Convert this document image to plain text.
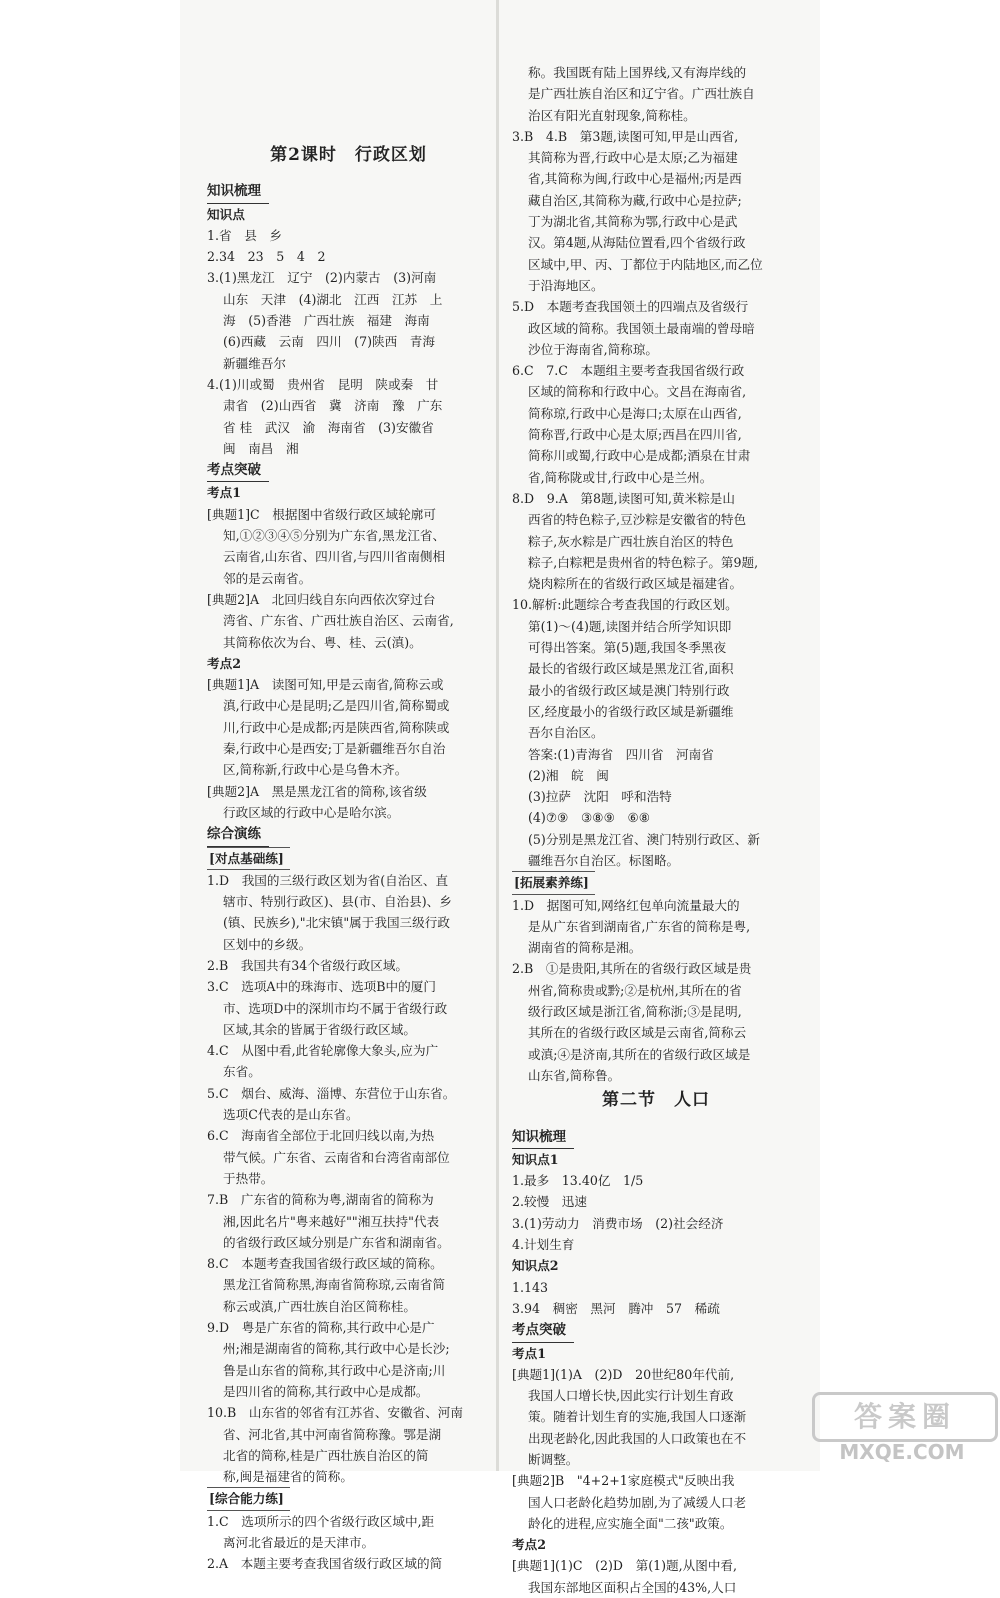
第2课时　行政区划
知识梳理
知识点
1.省　县　乡
2.34　23　5　4　2
3.(1)黑龙江　辽宁　(2)内蒙古　(3)河南
山东　天津　(4)湖北　江西　江苏　上
海　(5)香港　广西壮族　福建　海南
(6)西藏　云南　四川　(7)陕西　青海
新疆维吾尔
4.(1)川或蜀　贵州省　昆明　陕或秦　甘
肃省　(2)山西省　冀　济南　豫　广东
省 桂　武汉　渝　海南省　(3)安徽省
闽　南昌　湘
考点突破
考点1
[典题1]C　根据图中省级行政区域轮廓可
知,①②③④⑤分别为广东省,黑龙江省、
云南省,山东省、四川省,与四川省南侧相
邻的是云南省。
[典题2]A　北回归线自东向西依次穿过台
湾省、广东省、广西壮族自治区、云南省,
其简称依次为台、粤、桂、云(滇)。
考点2
[典题1]A　读图可知,甲是云南省,简称云或
滇,行政中心是昆明;乙是四川省,简称蜀或
川,行政中心是成都;丙是陕西省,简称陕或
秦,行政中心是西安;丁是新疆维吾尔自治
区,简称新,行政中心是乌鲁木齐。
[典题2]A　黑是黑龙江省的简称,该省级
行政区域的行政中心是哈尔滨。
综合演练
[对点基础练]
1.D　我国的三级行政区划为省(自治区、直
辖市、特别行政区)、县(市、自治县)、乡
(镇、民族乡),"北宋镇"属于我国三级行政
区划中的乡级。
2.B　我国共有34个省级行政区域。
3.C　选项A中的珠海市、选项B中的厦门
市、选项D中的深圳市均不属于省级行政
区域,其余的皆属于省级行政区域。
4.C　从图中看,此省轮廓像大象头,应为广
东省。
5.C　烟台、威海、淄博、东营位于山东省。
选项C代表的是山东省。
6.C　海南省全部位于北回归线以南,为热
带气候。广东省、云南省和台湾省南部位
于热带。
7.B　广东省的简称为粤,湖南省的简称为
湘,因此名片"粤来越好""湘互扶持"代表
的省级行政区域分别是广东省和湖南省。
8.C　本题考查我国省级行政区域的简称。
黑龙江省简称黑,海南省简称琼,云南省简
称云或滇,广西壮族自治区简称桂。
9.D　粤是广东省的简称,其行政中心是广
州;湘是湖南省的简称,其行政中心是长沙;
鲁是山东省的简称,其行政中心是济南;川
是四川省的简称,其行政中心是成都。
10.B　山东省的邻省有江苏省、安徽省、河南
省、河北省,其中河南省简称豫。鄂是湖
北省的简称,桂是广西壮族自治区的简
称,闽是福建省的简称。
[综合能力练]
1.C　选项所示的四个省级行政区域中,距
离河北省最近的是天津市。
2.A　本题主要考查我国省级行政区域的简
称。我国既有陆上国界线,又有海岸线的
是广西壮族自治区和辽宁省。广西壮族自
治区有阳光直射现象,简称桂。
3.B　4.B　第3题,读图可知,甲是山西省,
其简称为晋,行政中心是太原;乙为福建
省,其简称为闽,行政中心是福州;丙是西
藏自治区,其简称为藏,行政中心是拉萨;
丁为湖北省,其简称为鄂,行政中心是武
汉。第4题,从海陆位置看,四个省级行政
区域中,甲、丙、丁都位于内陆地区,而乙位
于沿海地区。
5.D　本题考查我国领土的四端点及省级行
政区域的简称。我国领土最南端的曾母暗
沙位于海南省,简称琼。
6.C　7.C　本题组主要考查我国省级行政
区域的简称和行政中心。文昌在海南省,
简称琼,行政中心是海口;太原在山西省,
简称晋,行政中心是太原;西昌在四川省,
简称川或蜀,行政中心是成都;酒泉在甘肃
省,简称陇或甘,行政中心是兰州。
8.D　9.A　第8题,读图可知,黄米粽是山
西省的特色粽子,豆沙粽是安徽省的特色
粽子,灰水粽是广西壮族自治区的特色
粽子,白粽粑是贵州省的特色粽子。第9题,
烧肉粽所在的省级行政区域是福建省。
10.解析:此题综合考查我国的行政区划。
第(1)～(4)题,读图并结合所学知识即
可得出答案。第(5)题,我国冬季黑夜
最长的省级行政区域是黑龙江省,面积
最小的省级行政区域是澳门特别行政
区,经度最小的省级行政区域是新疆维
吾尔自治区。
答案:(1)青海省　四川省　河南省
(2)湘　皖　闽
(3)拉萨　沈阳　呼和浩特
(4)⑦⑨　③⑧⑨　⑥⑧
(5)分别是黑龙江省、澳门特别行政区、新
疆维吾尔自治区。标图略。
[拓展素养练]
1.D　据图可知,网络红包单向流量最大的
是从广东省到湖南省,广东省的简称是粤,
湖南省的简称是湘。
2.B　①是贵阳,其所在的省级行政区域是贵
州省,简称贵或黔;②是杭州,其所在的省
级行政区域是浙江省,简称浙;③是昆明,
其所在的省级行政区域是云南省,简称云
或滇;④是济南,其所在的省级行政区域是
山东省,简称鲁。
第二节　人口
知识梳理
知识点1
1.最多　13.40亿　1/5
2.较慢　迅速
3.(1)劳动力　消费市场　(2)社会经济
4.计划生育
知识点2
1.143
3.94　稠密　黑河　腾冲　57　稀疏
考点突破
考点1
[典题1](1)A　(2)D　20世纪80年代前,
我国人口增长快,因此实行计划生育政
策。随着计划生育的实施,我国人口逐渐
出现老龄化,因此我国的人口政策也在不
断调整。
[典题2]B　"4+2+1家庭模式"反映出我
国人口老龄化趋势加剧,为了减缓人口老
龄化的进程,应实施全面"二孩"政策。
考点2
[典题1](1)C　(2)D　第(1)题,从图中看,
我国东部地区面积占全国的43%,人口
答案圈
MXQE.COM
